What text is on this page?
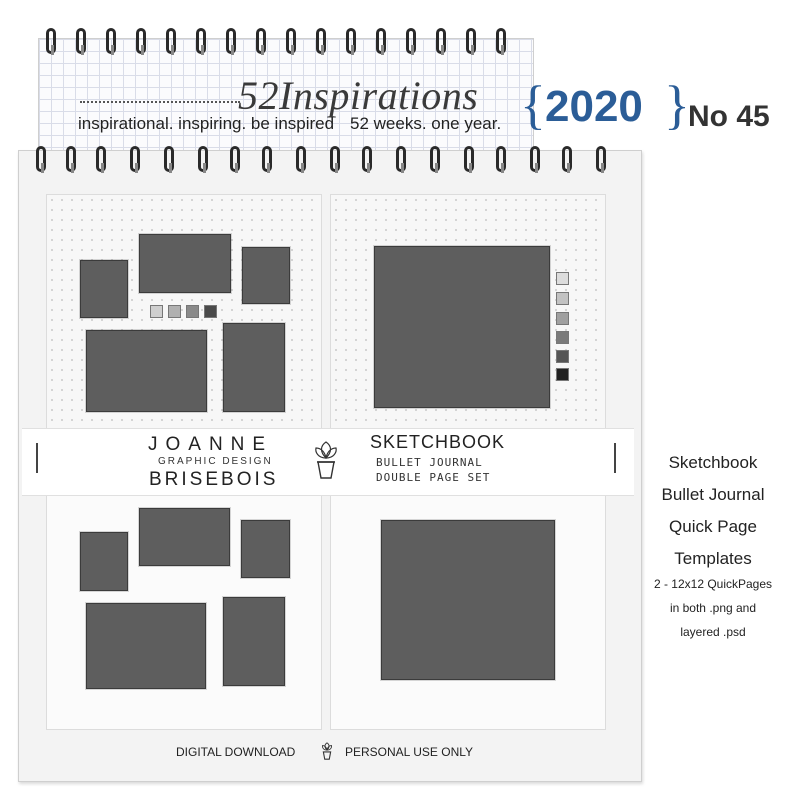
52Inspirations
inspirational. inspiring. be inspired 52 weeks. one year. { 2020 }
No 45
JOANNE
GRAPHIC DESIGN
BRISEBOIS
SKETCHBOOK
BULLET JOURNAL
DOUBLE PAGE SET
DIGITAL DOWNLOAD	PERSONAL USE ONLY
Sketchbook
Bullet Journal
Quick Page
Templates
2 - 12x12 QuickPages
in both .png and
layered .psd
